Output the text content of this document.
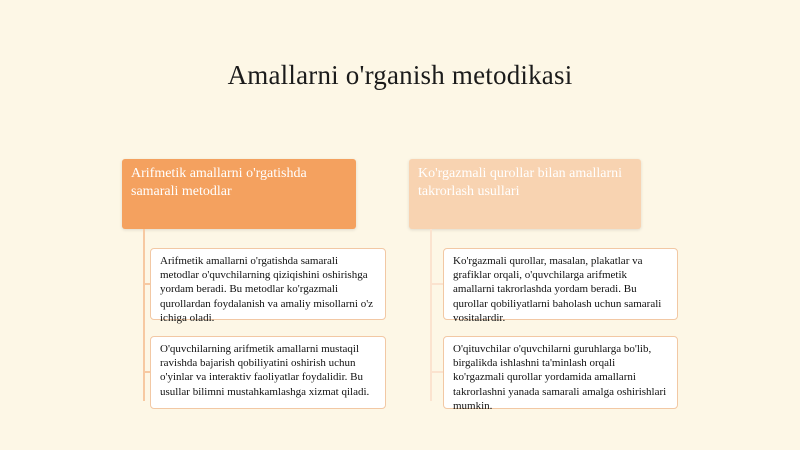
Amallarni o'rganish metodikasi
Arifmetik amallarni o'rgatishda samarali metodlar
Arifmetik amallarni o'rgatishda samarali metodlar o'quvchilarning qiziqishini oshirishga yordam beradi. Bu metodlar ko'rgazmali qurollardan foydalanish va amaliy misollarni o'z ichiga oladi.
O'quvchilarning arifmetik amallarni mustaqil ravishda bajarish qobiliyatini oshirish uchun o'yinlar va interaktiv faoliyatlar foydalidir. Bu usullar bilimni mustahkamlashga xizmat qiladi.
Ko'rgazmali qurollar bilan amallarni takrorlash usullari
Ko'rgazmali qurollar, masalan, plakatlar va grafiklar orqali, o'quvchilarga arifmetik amallarni takrorlashda yordam beradi. Bu qurollar qobiliyatlarni baholash uchun samarali vositalardir.
O'qituvchilar o'quvchilarni guruhlarga bo'lib, birgalikda ishlashni ta'minlash orqali ko'rgazmali qurollar yordamida amallarni takrorlashni yanada samarali amalga oshirishlari mumkin.
